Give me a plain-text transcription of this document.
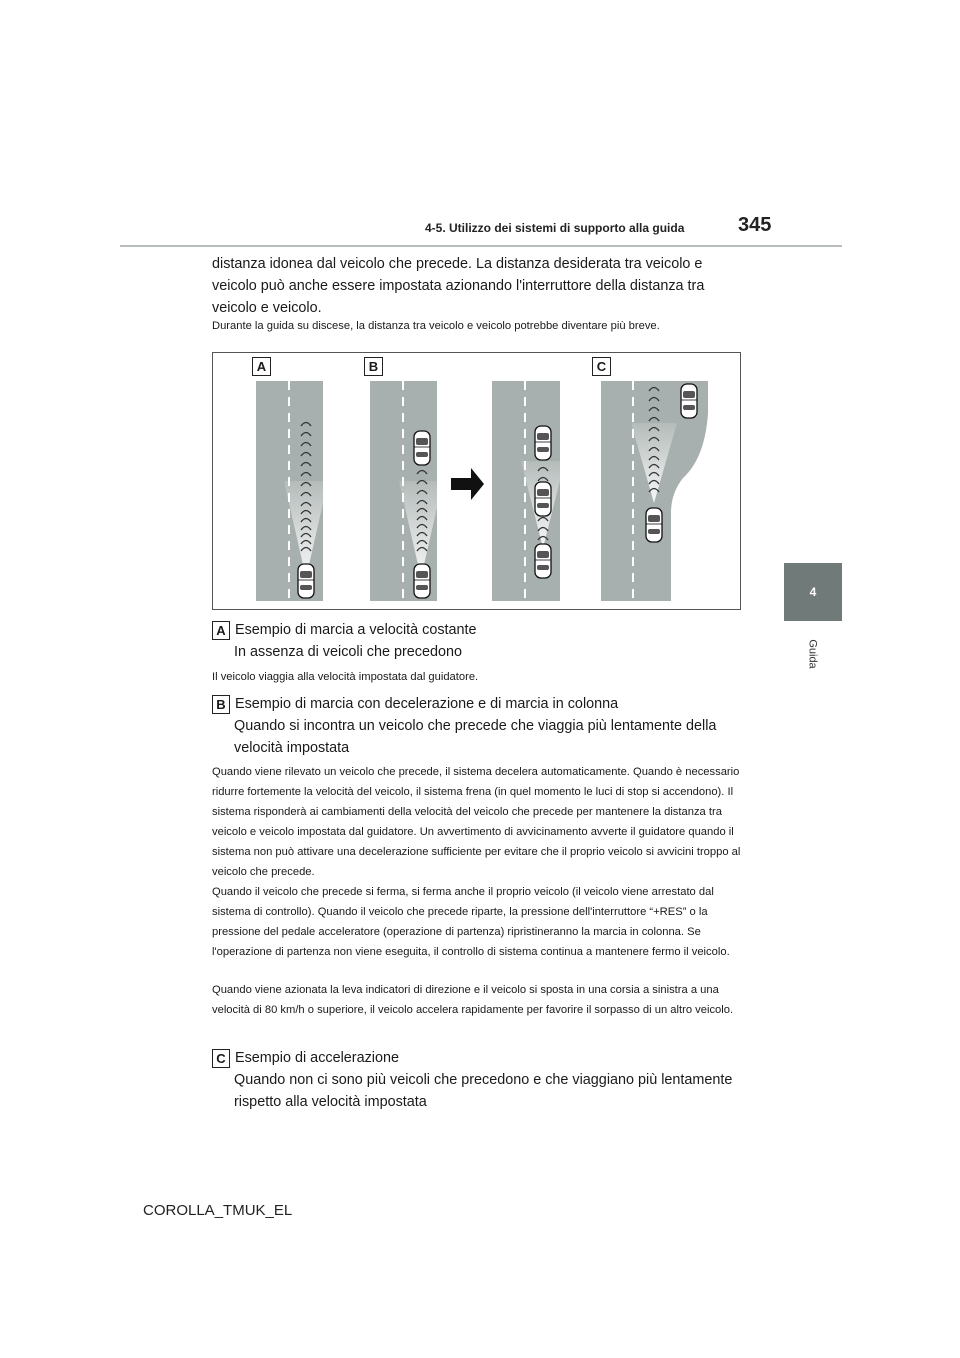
4-5. Utilizzo dei sistemi di supporto alla guida	345
4
Guida

distanza idonea dal veicolo che precede. La distanza desiderata tra veicolo e veicolo può anche essere impostata azionando l'interruttore della distanza tra veicolo e veicolo.

Durante la guida su discese, la distanza tra veicolo e veicolo potrebbe diventare più breve.

A	B	C
A Esempio di marcia a velocità costante
In assenza di veicoli che precedono

Il veicolo viaggia alla velocità impostata dal guidatore.

B Esempio di marcia con decelerazione e di marcia in colonna
Quando si incontra un veicolo che precede che viaggia più lentamente della velocità impostata

Quando viene rilevato un veicolo che precede, il sistema decelera automaticamente. Quando è necessario ridurre fortemente la velocità del veicolo, il sistema frena (in quel momento le luci di stop si accendono). Il sistema risponderà ai cambiamenti della velocità del veicolo che precede per mantenere la distanza tra veicolo e veicolo impostata dal guidatore. Un avvertimento di avvicinamento avverte il guidatore quando il sistema non può attivare una decelerazione sufficiente per evitare che il proprio veicolo si avvicini troppo al veicolo che precede.

Quando il veicolo che precede si ferma, si ferma anche il proprio veicolo (il veicolo viene arrestato dal sistema di controllo). Quando il veicolo che precede riparte, la pressione dell'interruttore “+RES” o la pressione del pedale acceleratore (operazione di partenza) ripristineranno la marcia in colonna. Se l'operazione di partenza non viene eseguita, il controllo di sistema continua a mantenere fermo il veicolo.

Quando viene azionata la leva indicatori di direzione e il veicolo si sposta in una corsia a sinistra a una velocità di 80 km/h o superiore, il veicolo accelera rapidamente per favorire il sorpasso di un altro veicolo.

C Esempio di accelerazione
Quando non ci sono più veicoli che precedono e che viaggiano più lentamente rispetto alla velocità impostata
COROLLA_TMUK_EL
